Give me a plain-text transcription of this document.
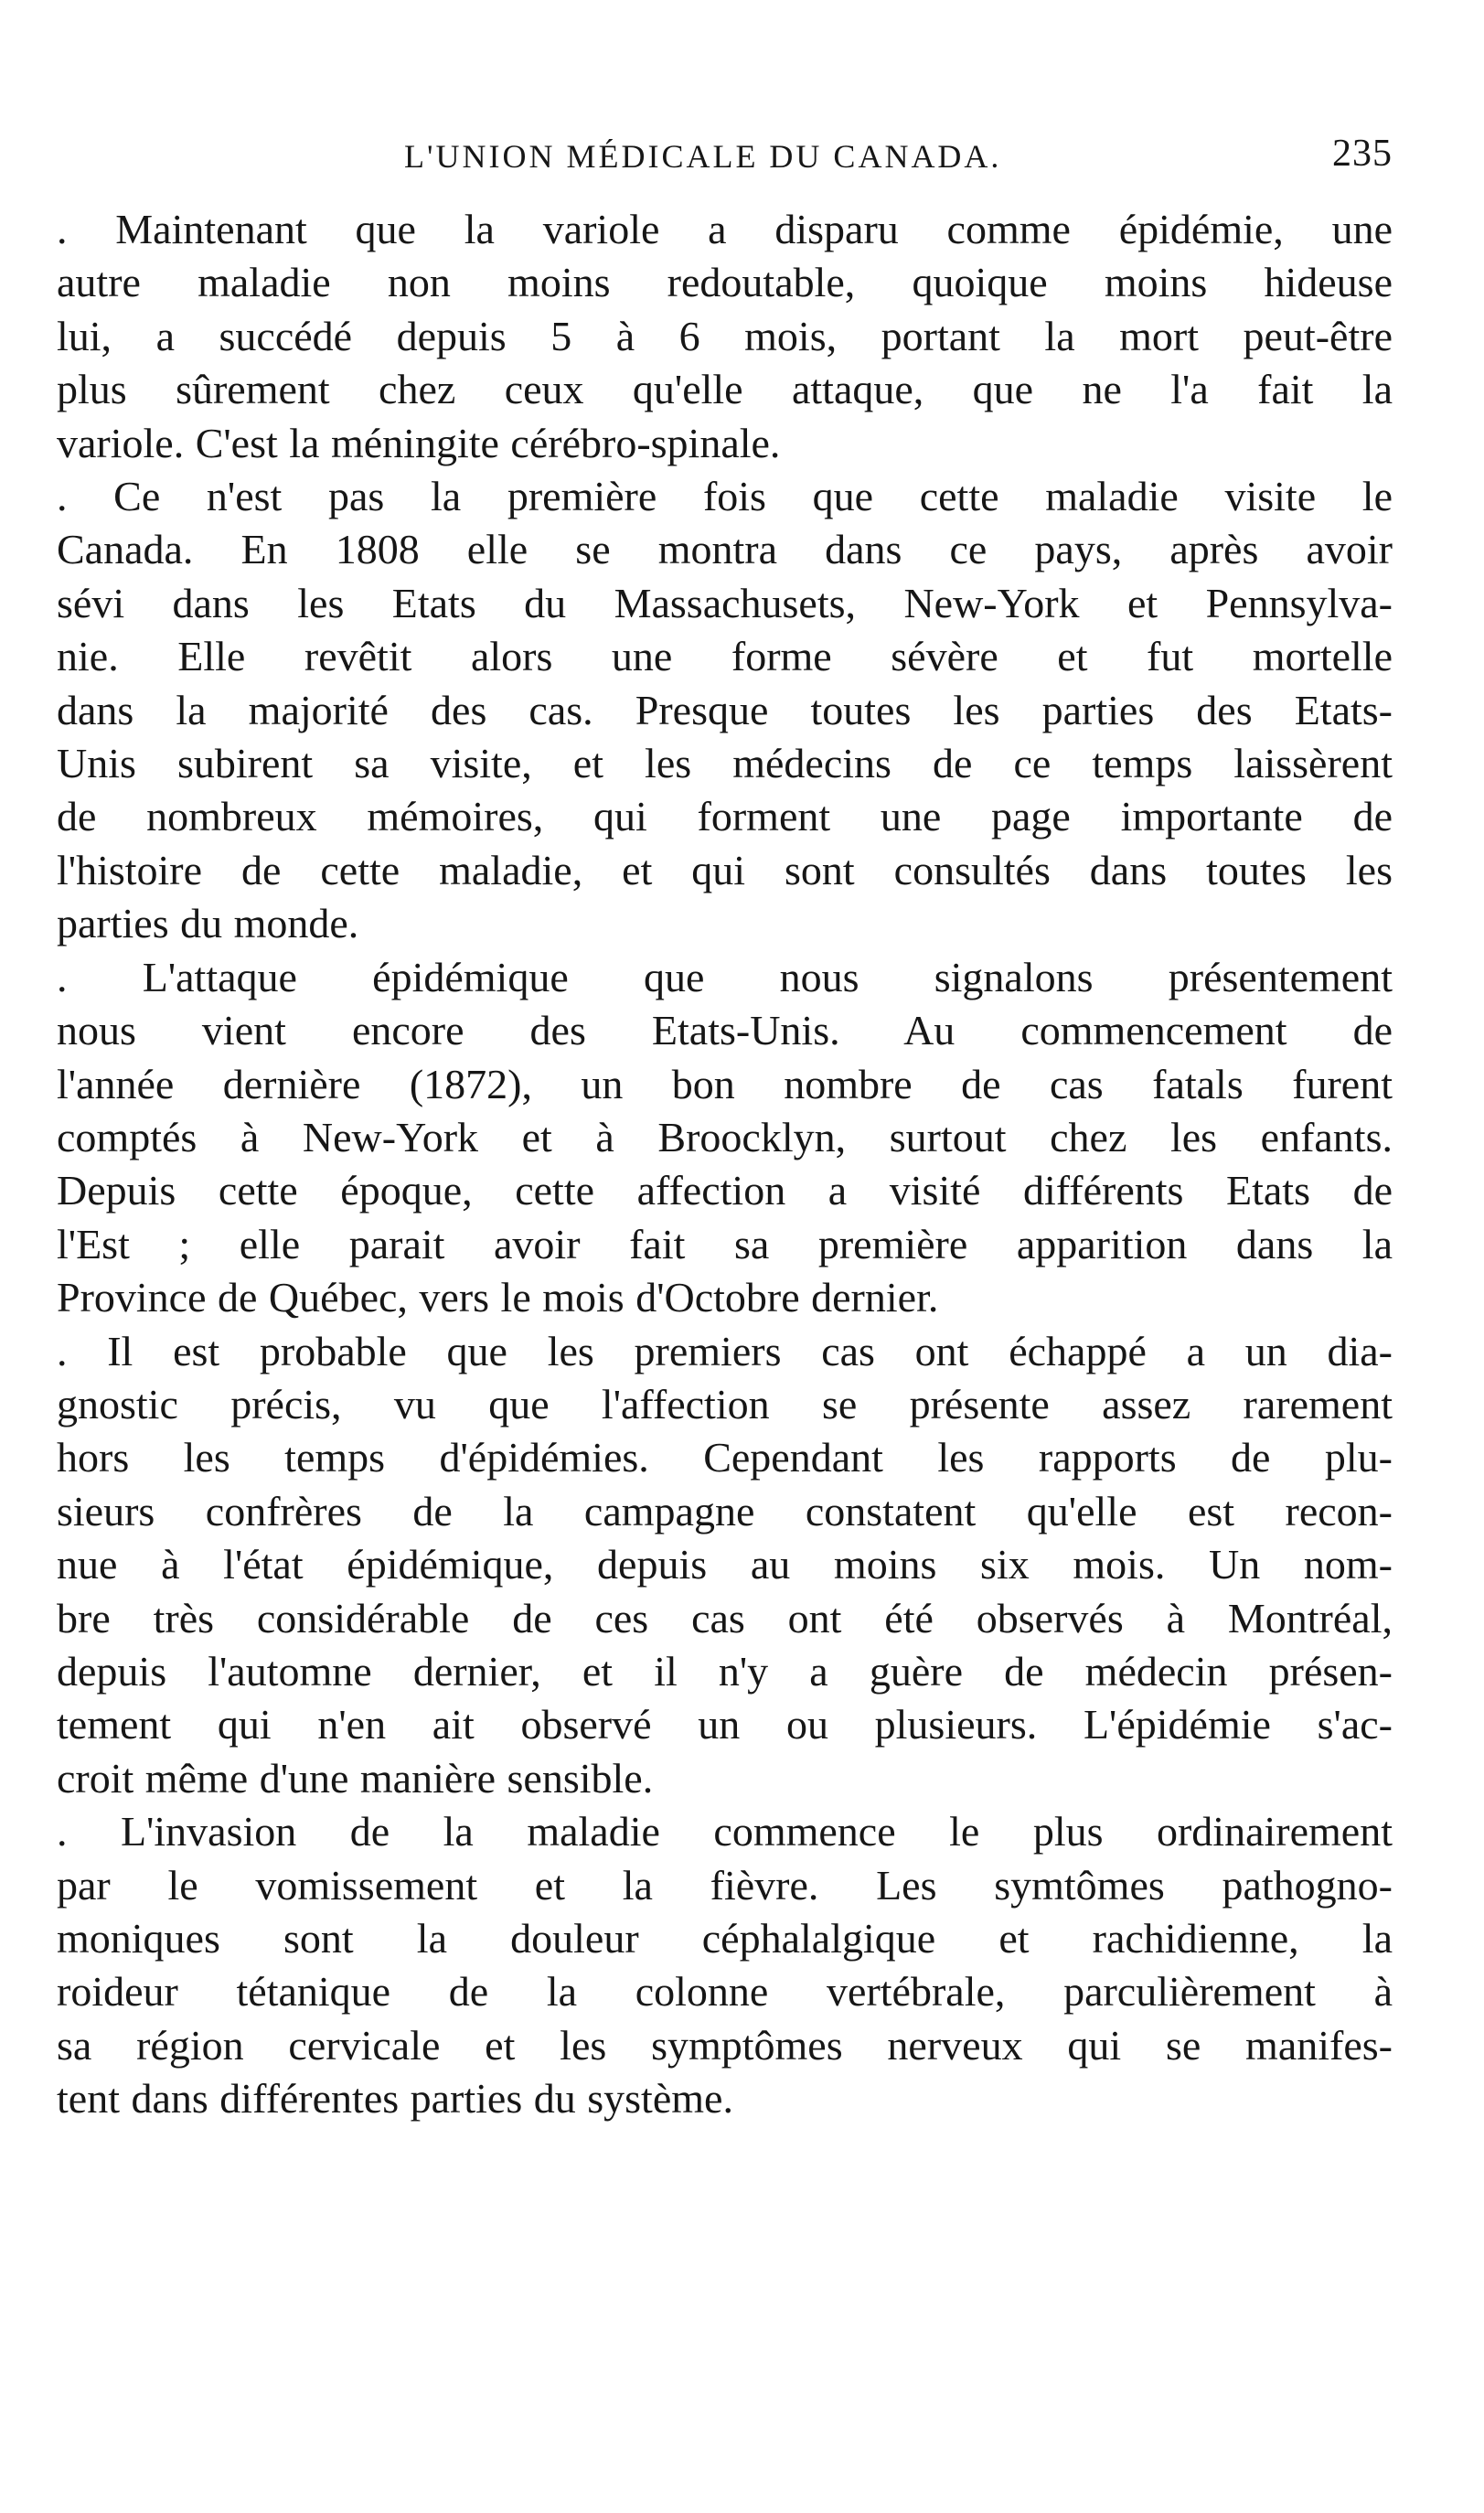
L'UNION MÉDICALE DU CANADA.	235
. Maintenant que la variole a disparu comme épidémie, une
autre maladie non moins redoutable, quoique moins hideuse
lui, a succédé depuis 5 à 6 mois, portant la mort peut-être
plus sûrement chez ceux qu'elle attaque, que ne l'a fait la
variole. C'est la méningite cérébro-spinale.
. Ce n'est pas la première fois que cette maladie visite le
Canada. En 1808 elle se montra dans ce pays, après avoir
sévi dans les Etats du Massachusets, New-York et Pennsylva-
nie. Elle revêtit alors une forme sévère et fut mortelle
dans la majorité des cas. Presque toutes les parties des Etats-
Unis subirent sa visite, et les médecins de ce temps laissèrent
de nombreux mémoires, qui forment une page importante de
l'histoire de cette maladie, et qui sont consultés dans toutes les
parties du monde.
. L'attaque épidémique que nous signalons présentement
nous vient encore des Etats-Unis. Au commencement de
l'année dernière (1872), un bon nombre de cas fatals furent
comptés à New-York et à Broocklyn, surtout chez les enfants.
Depuis cette époque, cette affection a visité différents Etats de
l'Est ; elle parait avoir fait sa première apparition dans la
Province de Québec, vers le mois d'Octobre dernier.
. Il est probable que les premiers cas ont échappé a un dia-
gnostic précis, vu que l'affection se présente assez rarement
hors les temps d'épidémies. Cependant les rapports de plu-
sieurs confrères de la campagne constatent qu'elle est recon-
nue à l'état épidémique, depuis au moins six mois. Un nom-
bre très considérable de ces cas ont été observés à Montréal,
depuis l'automne dernier, et il n'y a guère de médecin présen-
tement qui n'en ait observé un ou plusieurs. L'épidémie s'ac-
croit même d'une manière sensible.
. L'invasion de la maladie commence le plus ordinairement
par le vomissement et la fièvre. Les symtômes pathogno-
moniques sont la douleur céphalalgique et rachidienne, la
roideur tétanique de la colonne vertébrale, parculièrement à
sa région cervicale et les symptômes nerveux qui se manifes-
tent dans différentes parties du système.
